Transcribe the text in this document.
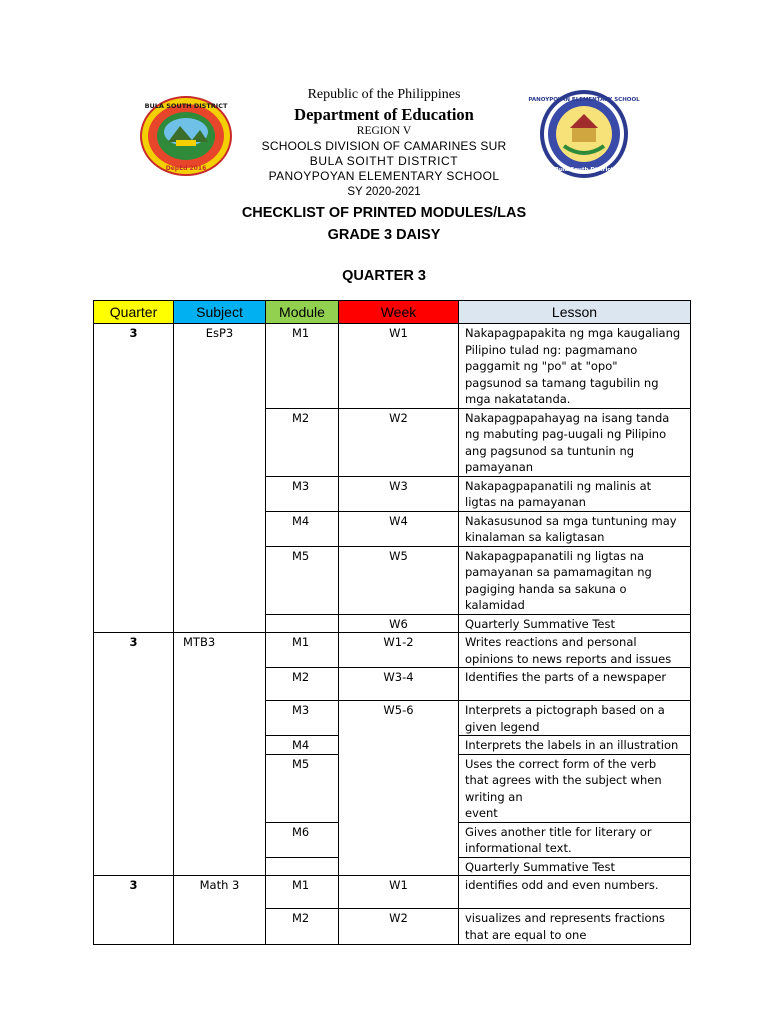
BULA SOUTH DISTRICT
DepEd 2016
PANOYPOYAN ELEMENTARY SCHOOL
Bula South District
Republic of the Philippines
Department of Education
REGION V
SCHOOLS DIVISION OF CAMARINES SUR
BULA SOITHT DISTRICT
PANOYPOYAN ELEMENTARY SCHOOL
SY 2020-2021
CHECKLIST OF PRINTED MODULES/LAS
GRADE 3 DAISY
QUARTER 3
Quarter	Subject	Module	Week	Lesson
3	EsP3	M1	W1	Nakapagpapakita ng mga kaugaliang
Pilipino tulad ng: pagmamano
paggamit ng "po" at "opo"
pagsunod sa tamang tagubilin ng
mga nakatatanda.

		M2	W2	Nakapagpapahayag na isang tanda
ng mabuting pag-uugali ng Pilipino
ang pagsunod sa tuntunin ng
pamayanan

		M3	W3	Nakapagpapanatili ng malinis at
ligtas na pamayanan

		M4	W4	Nakasusunod sa mga tuntuning may
kinalaman sa kaligtasan

		M5	W5	Nakapagpapanatili ng ligtas na
pamayanan sa pamamagitan ng
pagiging handa sa sakuna o
kalamidad

			W6	Quarterly Summative Test

3	MTB3	M1	W1-2	Writes reactions and personal
opinions to news reports and issues

		M2	W3-4	Identifies the parts of a newspaper

		M3	W5-6	Interprets a pictograph based on a
given legend

		M4		Interprets the labels in an illustration

		M5		Uses the correct form of the verb
that agrees with the subject when
writing an
event

		M6		Gives another title for literary or
informational text.

				Quarterly Summative Test

3	Math 3	M1	W1	identifies odd and even numbers.

		M2	W2	visualizes and represents fractions
that are equal to one
